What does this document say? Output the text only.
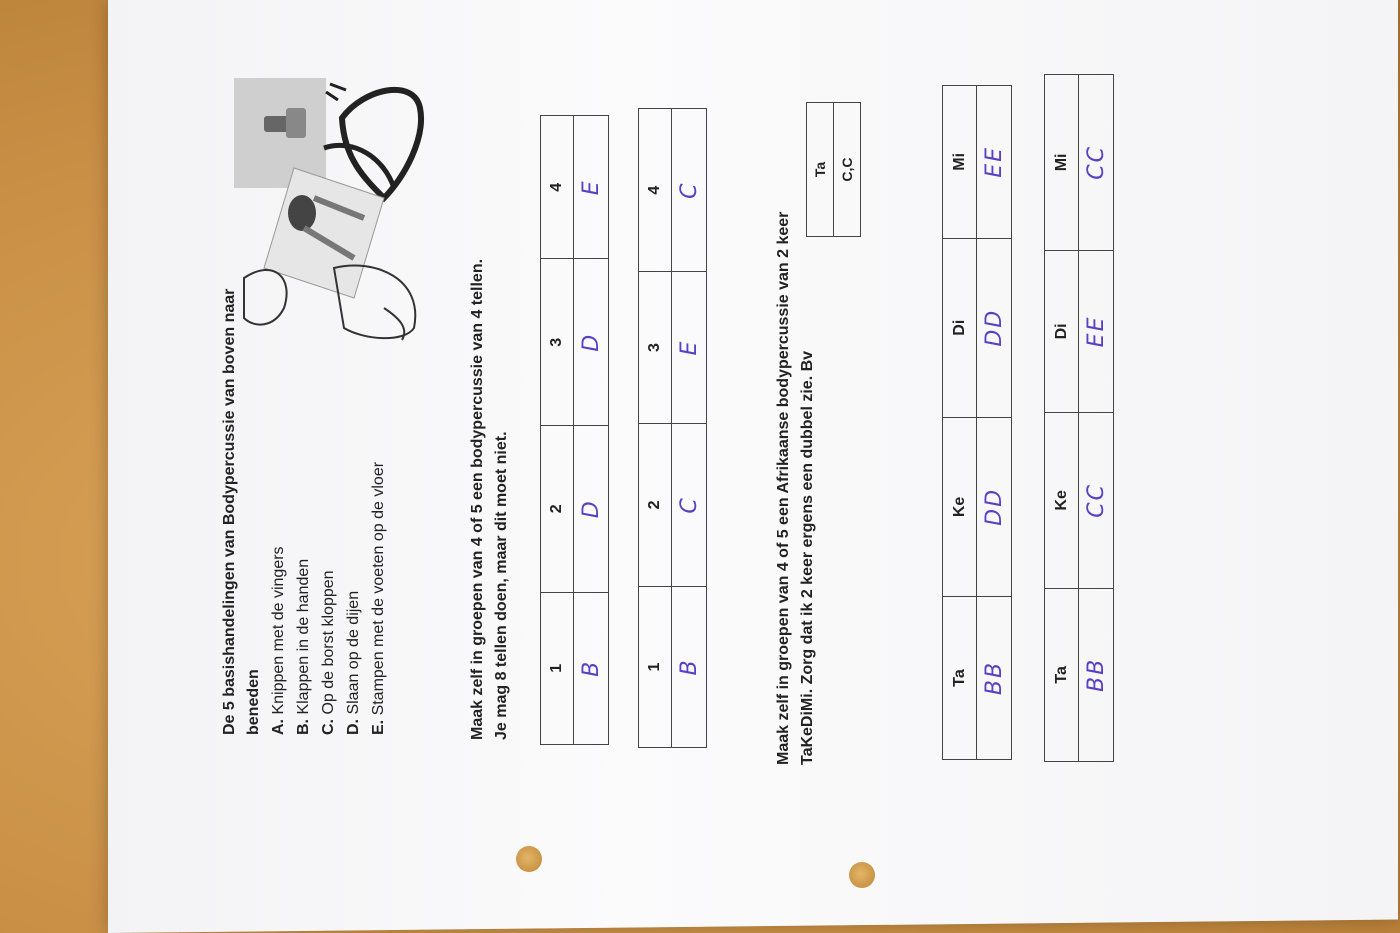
De 5 basishandelingen van Bodypercussie van boven naar beneden A. Knippen met de vingers
B. Klappen in de handen
C. Op de borst kloppen
D. Slaan op de dijen
E. Stampen met de voeten op de vloer	Maak zelf in groepen van 4 of 5 een bodypercussie van 4 tellen. Je mag 8 tellen doen, maar dit moet niet. 1	2	3	4
B	D	D	E
1	2	3	4
B	C	E	C
Maak zelf in groepen van 4 of 5 een Afrikaanse bodypercussie van 2 keer TaKeDiMi. Zorg dat ik 2 keer ergens een dubbel zie. Bv
Ta
C,C
Ta	Ke	Di	Mi
BB	DD	DD	EE
Ta	Ke	Di	Mi
BB	CC	EE	CC
